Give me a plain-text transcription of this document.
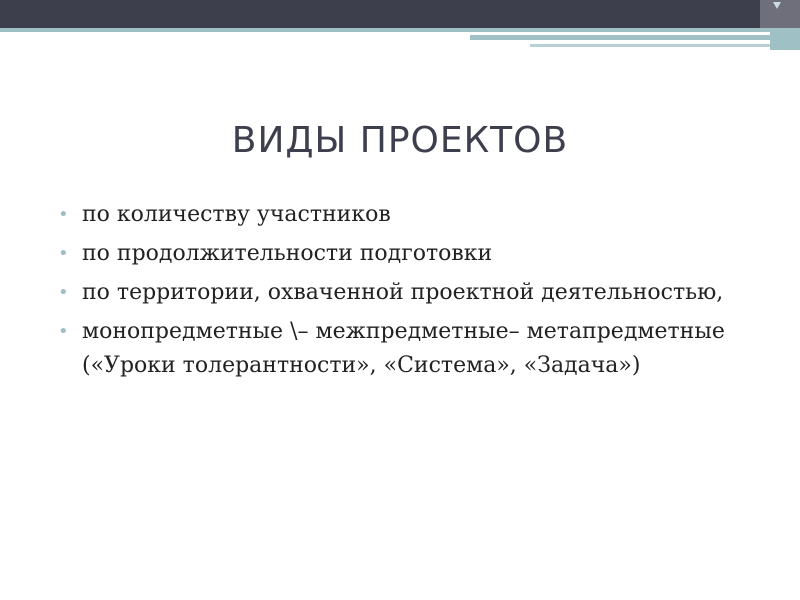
ВИДЫ ПРОЕКТОВ
• по количеству участников
• по продолжительности подготовки
• по территории, охваченной проектной деятельностью,
• монопредметные \– межпредметные– метапредметные («Уроки толерантности», «Система», «Задача»)
